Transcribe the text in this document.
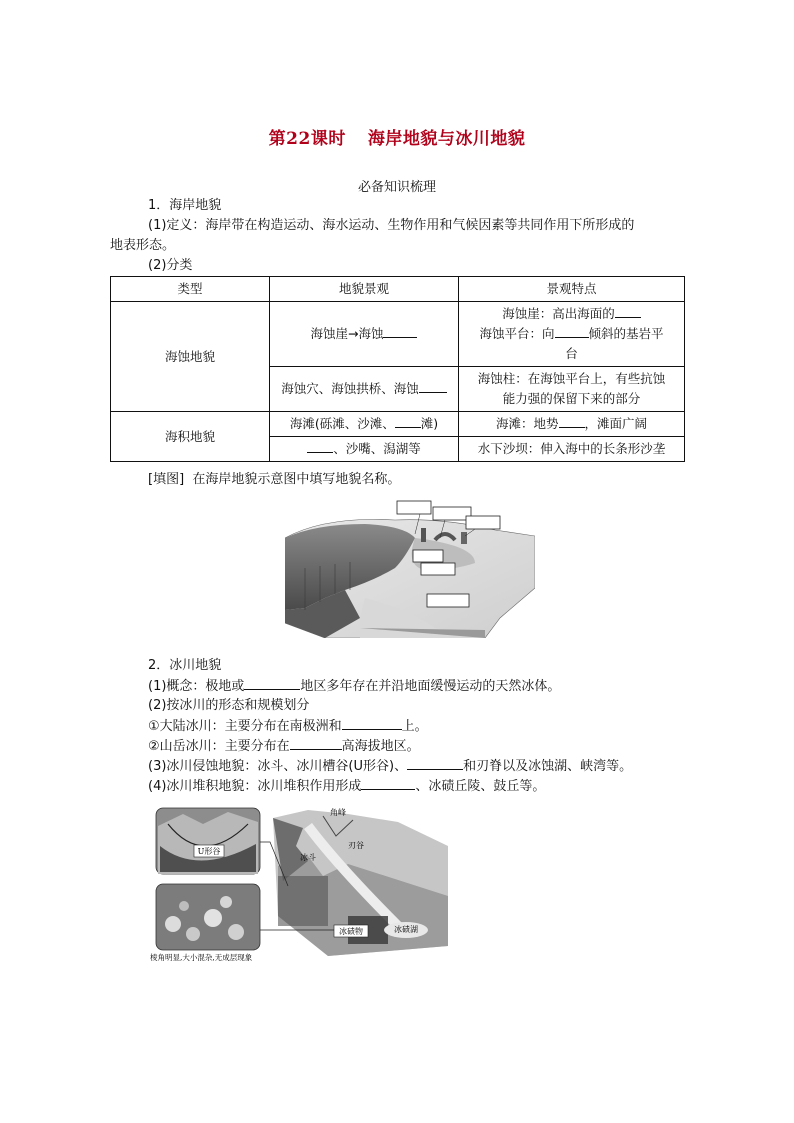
第22课时 海岸地貌与冰川地貌
必备知识梳理
1．海岸地貌
(1)定义：海岸带在构造运动、海水运动、生物作用和气候因素等共同作用下所形成的
地表形态。
(2)分类
类型	地貌景观	景观特点
海蚀地貌	海蚀崖→海蚀	海蚀崖：高出海面的
海蚀平台：向 倾斜的基岩平
台

	海蚀穴、海蚀拱桥、海蚀	海蚀柱：在海蚀平台上，有些抗蚀
能力强的保留下来的部分

海积地貌	海滩(砾滩、沙滩、 滩)	海滩：地势 ，滩面广阔
	、沙嘴、潟湖等	水下沙坝：伸入海中的长条形沙垄
[填图] 在海岸地貌示意图中填写地貌名称。
2．冰川地貌
(1)概念：极地或	地区多年存在并沿地面缓慢运动的天然冰体。
(2)按冰川的形态和规模划分
①大陆冰川：主要分布在南极洲和	上。
②山岳冰川：主要分布在	高海拔地区。
(3)冰川侵蚀地貌：冰斗、冰川槽谷(U形谷)、	和刃脊以及冰蚀湖、峡湾等。
(4)冰川堆积地貌：冰川堆积作用形成	、冰碛丘陵、鼓丘等。
U形谷
棱角明显,大小混杂,无成层现象
角峰
冰斗
刃谷
冰碛物	冰碛湖
